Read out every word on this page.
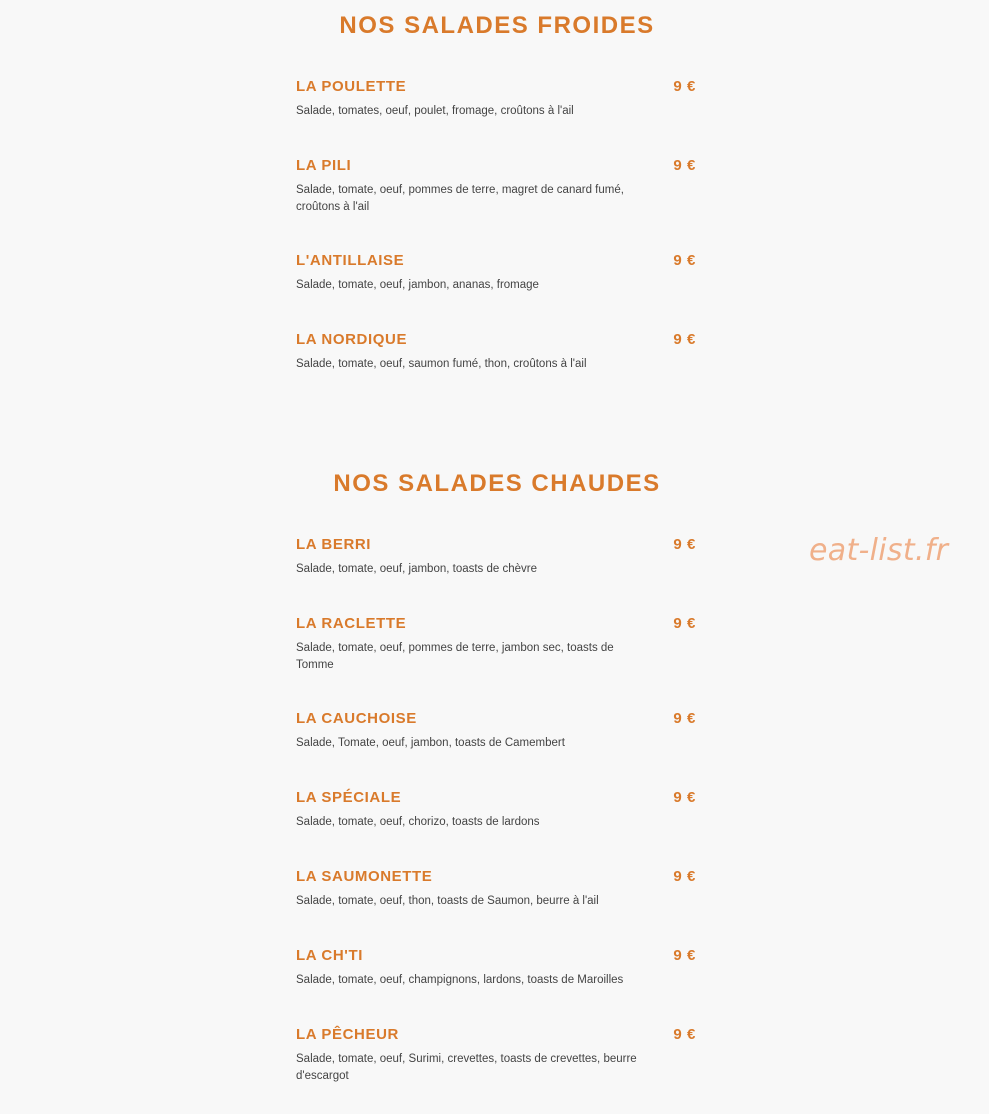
NOS SALADES FROIDES
LA POULETTE	9 €
Salade, tomates, oeuf, poulet, fromage, croûtons à l'ail
LA PILI	9 €
Salade, tomate, oeuf, pommes de terre, magret de canard fumé, croûtons à l'ail
L'ANTILLAISE	9 €
Salade, tomate, oeuf, jambon, ananas, fromage
LA NORDIQUE	9 €
Salade, tomate, oeuf, saumon fumé, thon, croûtons à l'ail
NOS SALADES CHAUDES
LA BERRI	9 €
Salade, tomate, oeuf, jambon, toasts de chèvre
LA RACLETTE	9 €
Salade, tomate, oeuf, pommes de terre, jambon sec, toasts de Tomme
LA CAUCHOISE	9 €
Salade, Tomate, oeuf, jambon, toasts de Camembert
LA SPÉCIALE	9 €
Salade, tomate, oeuf, chorizo, toasts de lardons
LA SAUMONETTE	9 €
Salade, tomate, oeuf, thon, toasts de Saumon, beurre à l'ail
LA CH'TI	9 €
Salade, tomate, oeuf, champignons, lardons, toasts de Maroilles
LA PÊCHEUR	9 €
Salade, tomate, oeuf, Surimi, crevettes, toasts de crevettes, beurre d'escargot
eat-list.fr
